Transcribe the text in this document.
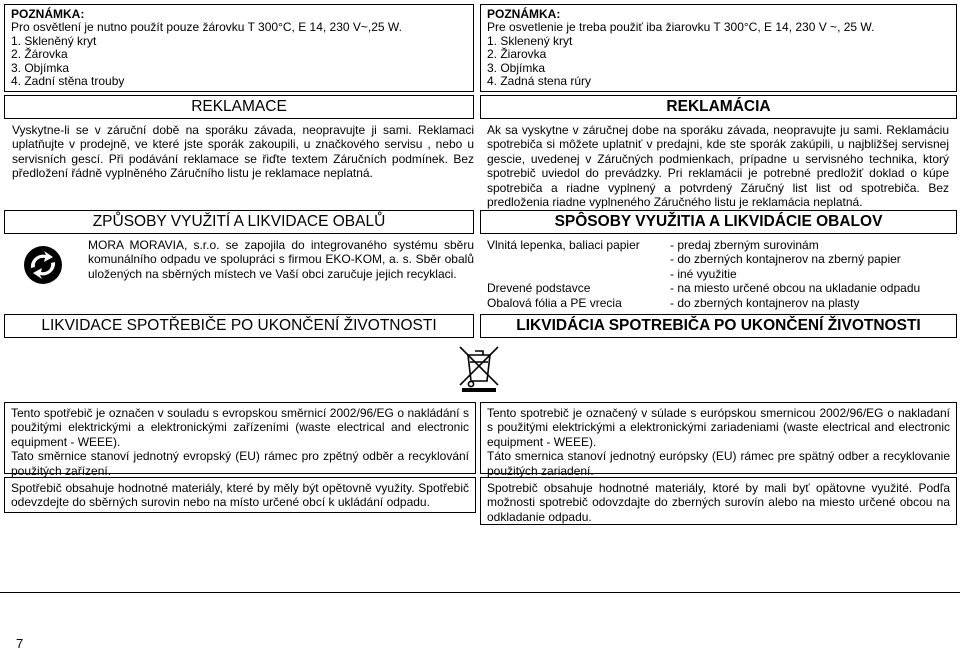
POZNÁMKA:
Pro osvětlení je nutno použít pouze žárovku T 300°C, E 14, 230 V~,25 W.
1. Skleněný kryt
2. Žárovka
3. Objímka
4. Zadní stěna trouby
REKLAMACE

Vyskytne-li se v záruční době na sporáku závada, neopravujte ji sami. Reklamaci uplatňujte v prodejně, ve které jste sporák zakoupili, u značkového servisu , nebo u servisních gescí. Při podávání reklamace se řiďte textem Záručních podmínek. Bez předložení řádně vyplněného Záručního listu je reklamace neplatná.

ZPŮSOBY VYUŽITÍ A LIKVIDACE OBALŮ

MORA MORAVIA, s.r.o. se zapojila do integrovaného systému sběru komunálního odpadu ve spolupráci s firmou EKO-KOM, a. s. Sběr obalů uložených na sběrných místech ve Vaší obci zaručuje jejich recyklaci.

LIKVIDACE SPOTŘEBIČE PO UKONČENÍ ŽIVOTNOSTI

Tento spotřebič je označen v souladu s evropskou směrnicí 2002/96/EG o nakládání s použitými elektrickými a elektronickými zařízeními (waste electrical and electronic equipment - WEEE).

Tato směrnice stanoví jednotný evropský (EU) rámec pro zpětný odběr a recyklování použitých zařízení.

Spotřebič obsahuje hodnotné materiály, které by měly být opětovně využity. Spotřebič odevzdejte do sběrných surovin nebo na místo určené obcí k ukládání odpadu.

POZNÁMKA:
Pre osvetlenie je treba použiť iba žiarovku T 300°C, E 14, 230 V ~, 25 W.
1. Sklenený kryt
2. Žiarovka
3. Objímka
4. Zadná stena rúry
REKLAMÁCIA

Ak sa vyskytne v záručnej dobe na sporáku závada, neopravujte ju sami. Reklamáciu spotrebiča si môžete uplatniť v predajni, kde ste sporák zakúpili, u najbližšej servisnej gescie, uvedenej v Záručných podmienkach, prípadne u servisného technika, ktorý spotrebič uviedol do prevádzky. Pri reklamácii je potrebné predložiť doklad o kúpe spotrebiča a riadne vyplnený a potvrdený Záručný list list od spotrebiča. Bez predloženia riadne vyplneného Záručného listu je reklamácia neplatná.

SPÔSOBY VYUŽITIA A LIKVIDÁCIE OBALOV
Vlnitá lepenka, baliaci papier	- predaj zberným surovinám
- do zberných kontajnerov na zberný papier
- iné využitie
Drevené podstavce	- na miesto určené obcou na ukladanie odpadu
Obalová fólia a PE vrecia	- do zberných kontajnerov na plasty
LIKVIDÁCIA SPOTREBIČA PO UKONČENÍ ŽIVOTNOSTI

Tento spotrebič je označený v súlade s európskou smernicou 2002/96/EG o nakladaní s použitými elektrickými a elektronickými zariadeniami (waste electrical and electronic equipment - WEEE).

Táto smernica stanoví jednotný európsky (EU) rámec pre spätný odber a recyklovanie použitých zariadení.

Spotrebič obsahuje hodnotné materiály, ktoré by mali byť opätovne využité. Podľa možnosti spotrebič odovzdajte do zberných surovín alebo na miesto určené obcou na odkladanie odpadu.

7
